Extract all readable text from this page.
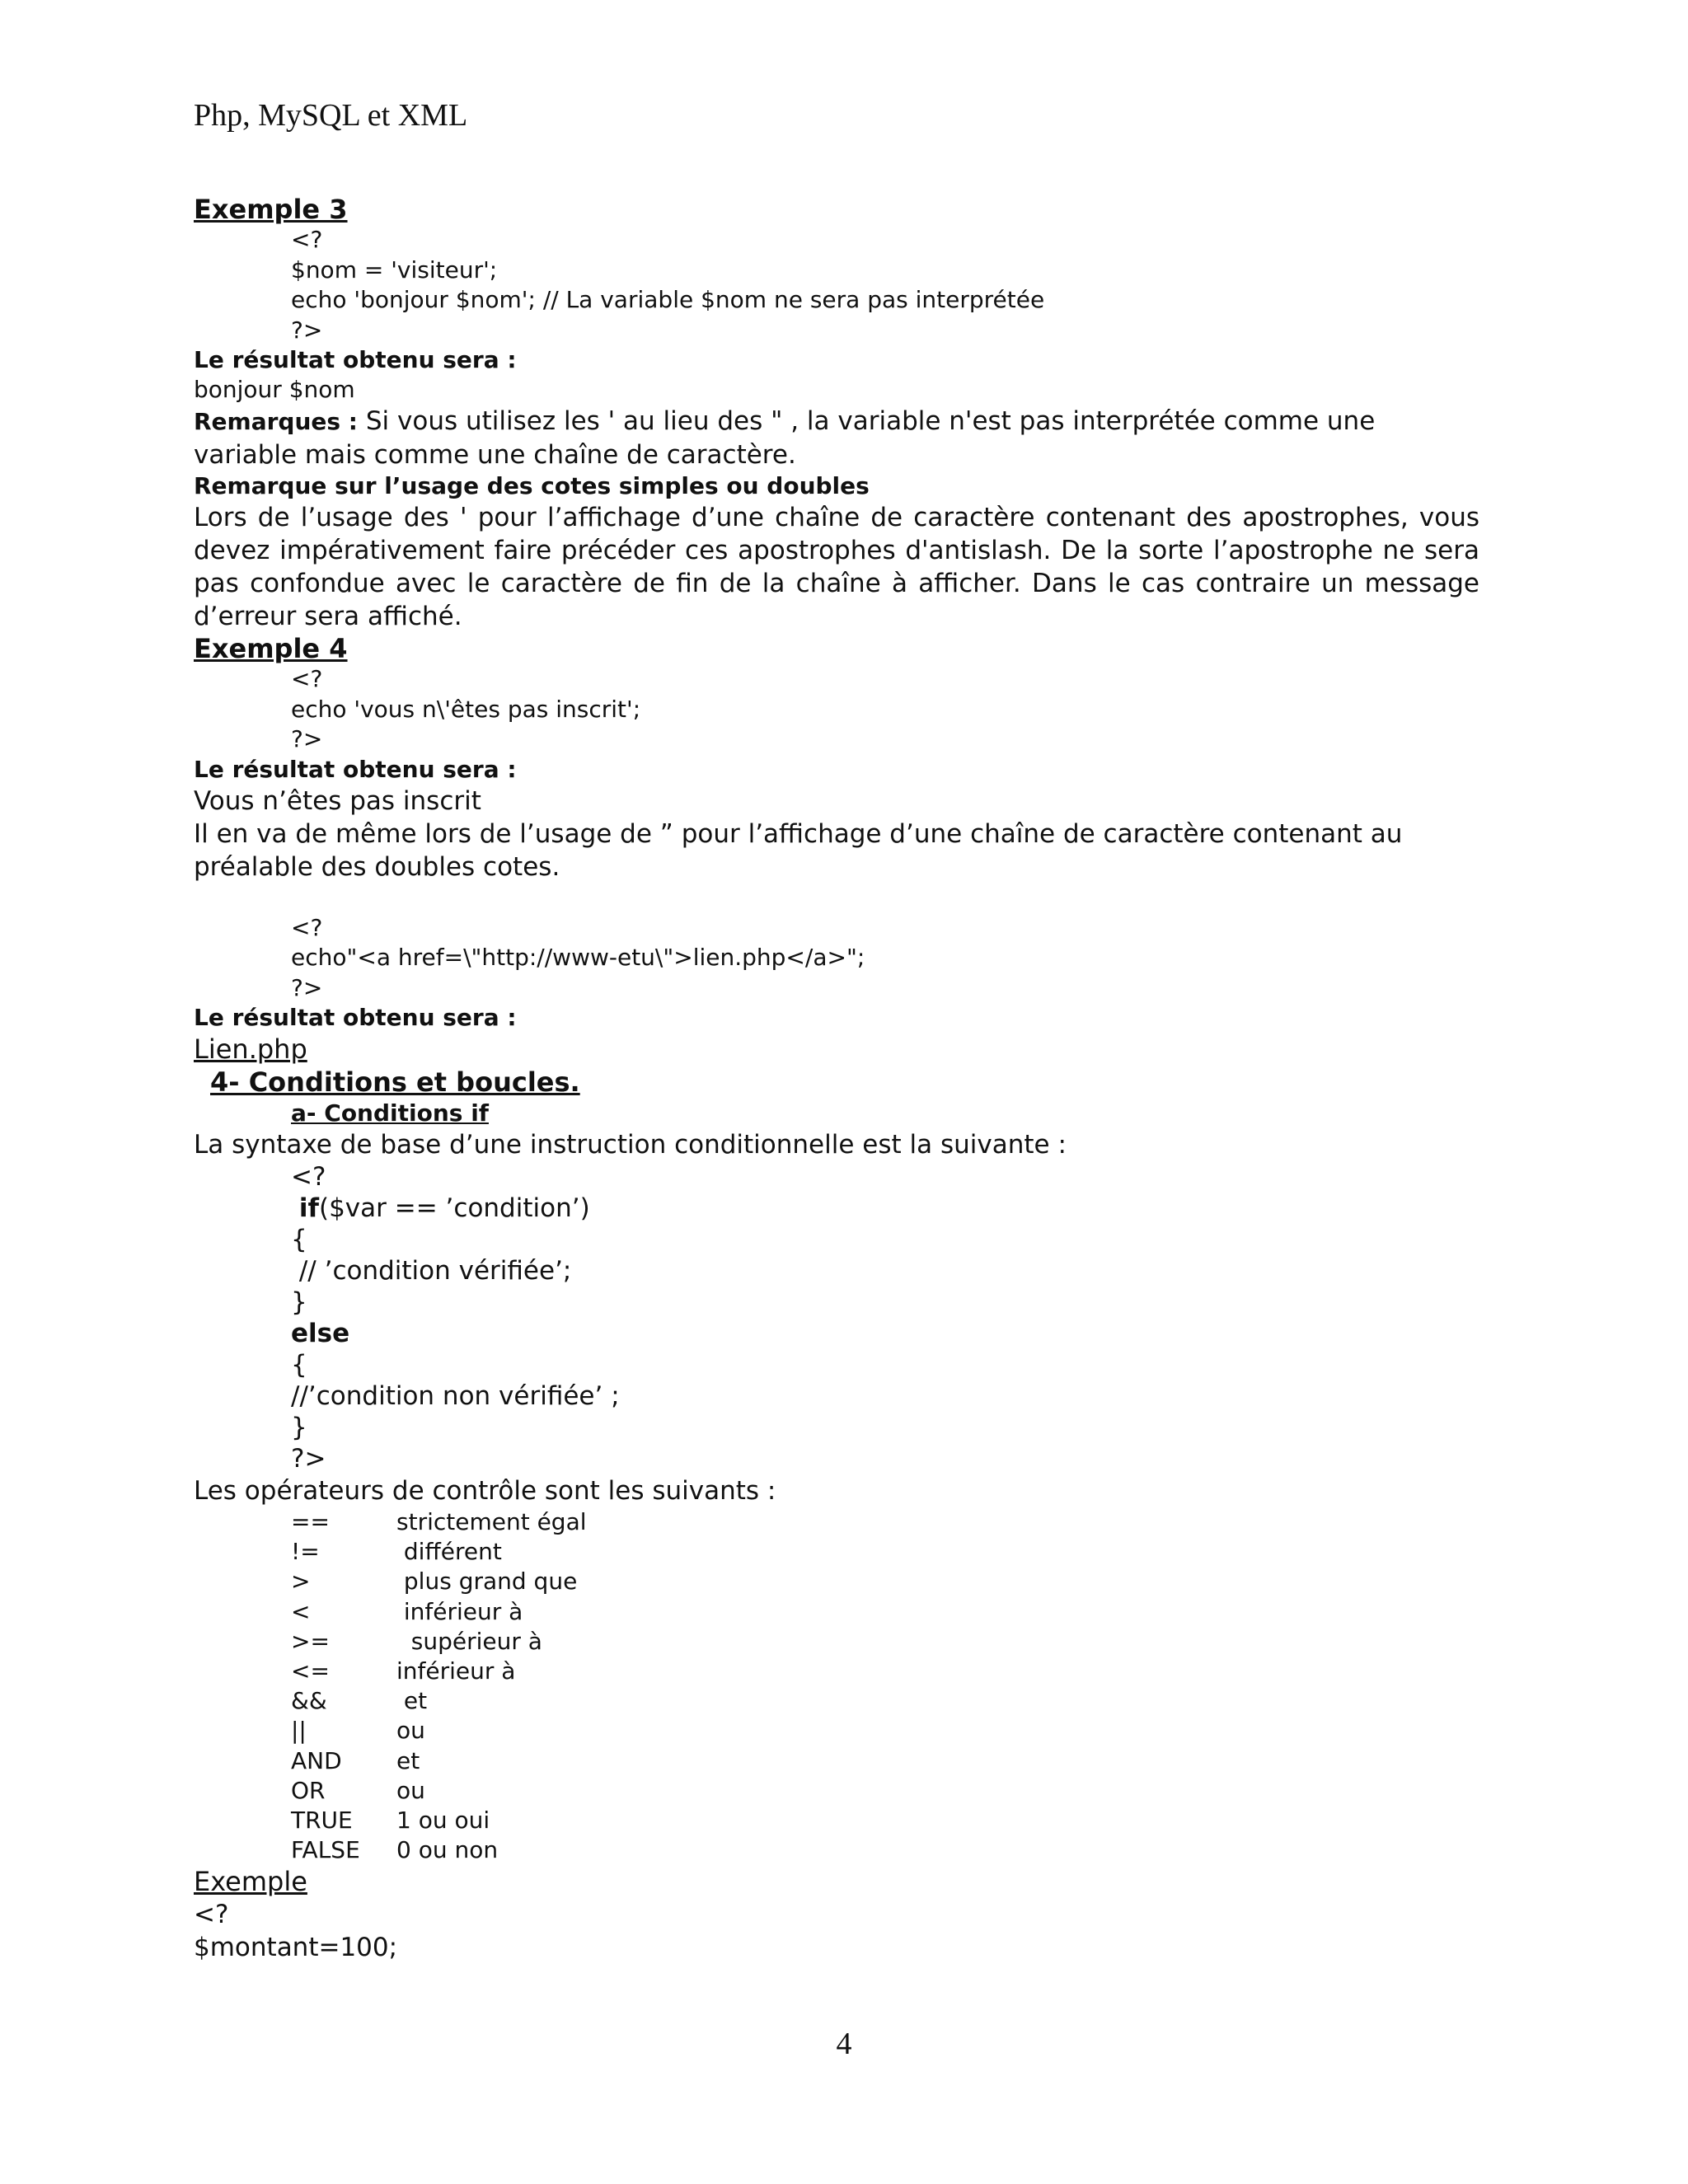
Php, MySQL et XML
Exemple 3
<?
$nom = 'visiteur';
echo 'bonjour $nom'; // La variable $nom ne sera pas interprétée
?>
Le résultat obtenu sera :
bonjour $nom
Remarques : Si vous utilisez les ' au lieu des " , la variable n'est pas interprétée comme une variable mais comme une chaîne de caractère.
Remarque sur l’usage des cotes simples ou doubles
Lors de l’usage des ' pour l’affichage d’une chaîne de caractère contenant des apostrophes, vous devez impérativement faire précéder ces apostrophes d'antislash. De la sorte l’apostrophe ne sera pas confondue avec le caractère de fin de la chaîne à afficher. Dans le cas contraire un message d’erreur sera affiché.
Exemple 4
<?
echo 'vous n\'êtes pas inscrit';
?>
Le résultat obtenu sera :
Vous n’êtes pas inscrit
Il en va de même lors de l’usage de ” pour l’affichage d’une chaîne de caractère contenant au préalable des doubles cotes.
<?
echo"<a href=\"http://www-etu\">lien.php</a>";
?>
Le résultat obtenu sera :
Lien.php
4- Conditions et boucles.
a- Conditions if
La syntaxe de base d’une instruction conditionnelle est la suivante :
<?
if($var == ’condition’)
{
// ’condition vérifiée’;
}
else
{
//’condition non vérifiée’ ;
}
?>
Les opérateurs de contrôle sont les suivants :
==	strictement égal
!=	différent
>	plus grand que
<	inférieur à
>=	supérieur à
<=	inférieur à
&&	et
||	ou
AND	et
OR	ou
TRUE	1 ou oui
FALSE	0 ou non
Exemple
<?
$montant=100;
4
